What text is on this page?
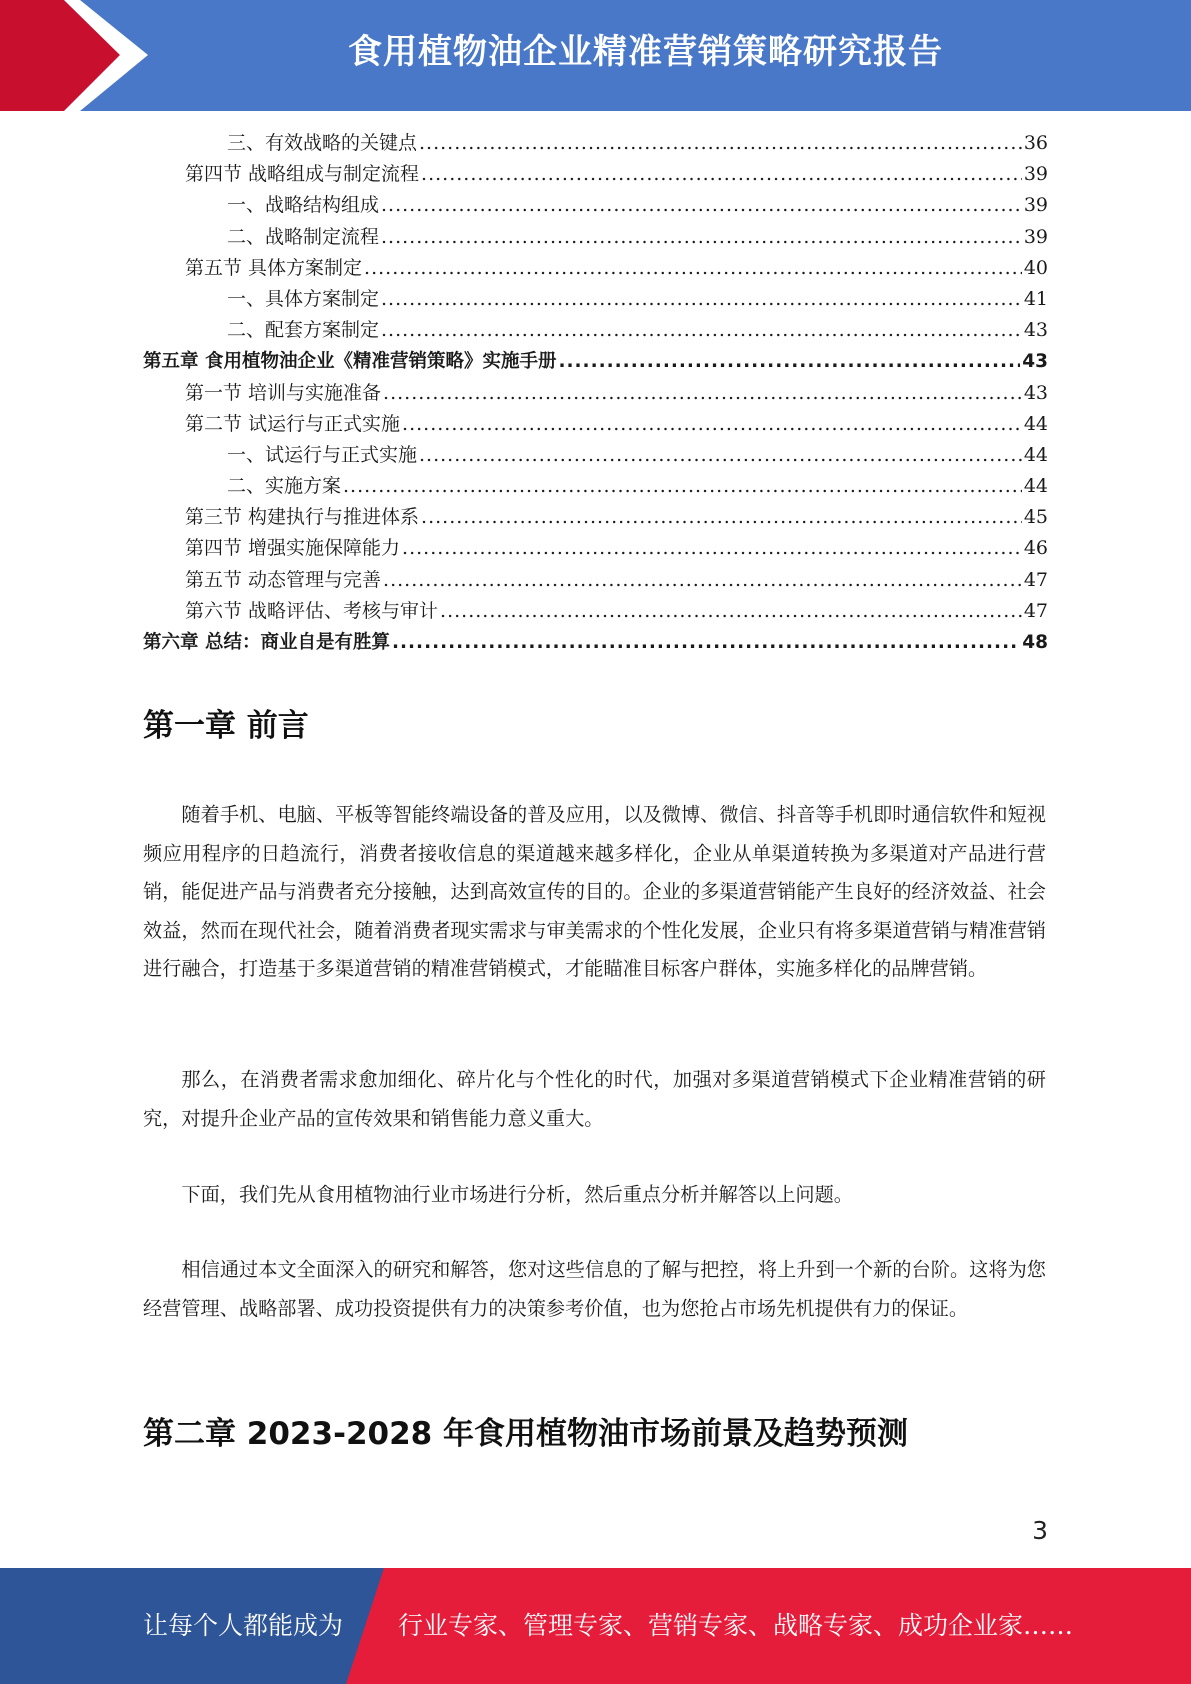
食用植物油企业精准营销策略研究报告
三、有效战略的关键点 .....	36
第四节 战略组成与制定流程 .....	39
一、战略结构组成 .....	39
二、战略制定流程 .....	39
第五节 具体方案制定 .....	40
一、具体方案制定 .....	41
二、配套方案制定 .....	43
第五章 食用植物油企业《精准营销策略》实施手册 .....	43
第一节 培训与实施准备 .....	43
第二节 试运行与正式实施 .....	44
一、试运行与正式实施 .....	44
二、实施方案 .....	44
第三节 构建执行与推进体系 .....	45
第四节 增强实施保障能力 .....	46
第五节 动态管理与完善 .....	47
第六节 战略评估、考核与审计 .....	47
第六章 总结：商业自是有胜算 .....	48
第一章 前言

随着手机、电脑、平板等智能终端设备的普及应用，以及微博、微信、抖音等手机即时通信软件和短视频应用程序的日趋流行，消费者接收信息的渠道越来越多样化，企业从单渠道转换为多渠道对产品进行营销，能促进产品与消费者充分接触，达到高效宣传的目的。企业的多渠道营销能产生良好的经济效益、社会效益，然而在现代社会，随着消费者现实需求与审美需求的个性化发展，企业只有将多渠道营销与精准营销进行融合，打造基于多渠道营销的精准营销模式，才能瞄准目标客户群体，实施多样化的品牌营销。

那么，在消费者需求愈加细化、碎片化与个性化的时代，加强对多渠道营销模式下企业精准营销的研究，对提升企业产品的宣传效果和销售能力意义重大。

下面，我们先从食用植物油行业市场进行分析，然后重点分析并解答以上问题。

相信通过本文全面深入的研究和解答，您对这些信息的了解与把控，将上升到一个新的台阶。这将为您经营管理、战略部署、成功投资提供有力的决策参考价值，也为您抢占市场先机提供有力的保证。

第二章 2023-2028 年食用植物油市场前景及趋势预测
3
让每个人都能成为 行业专家、管理专家、营销专家、战略专家、成功企业家……
